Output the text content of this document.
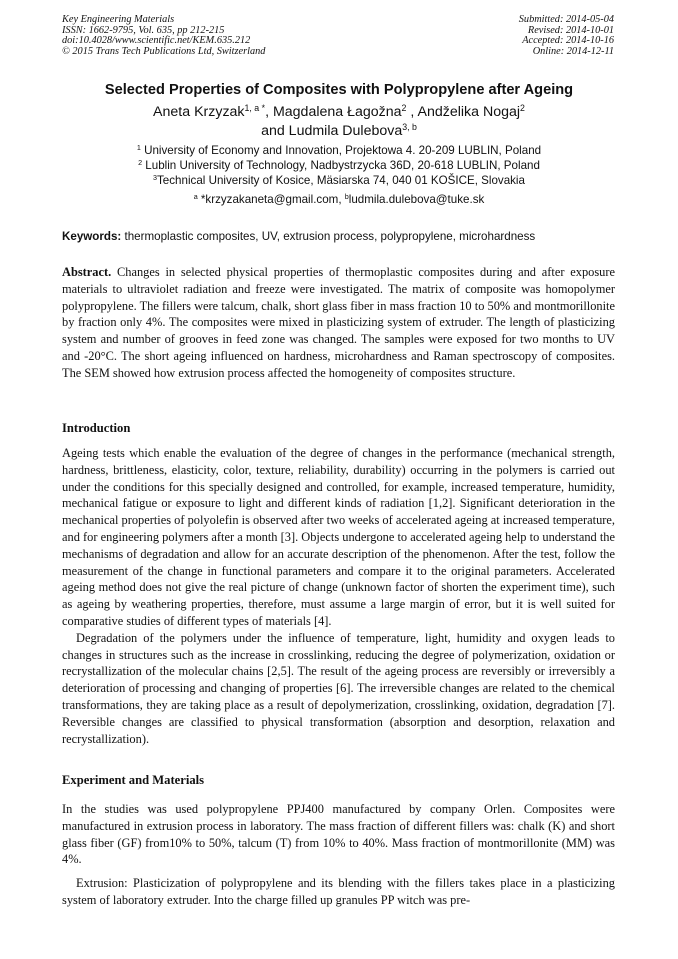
Key Engineering Materials
ISSN: 1662-9795, Vol. 635, pp 212-215
doi:10.4028/www.scientific.net/KEM.635.212
© 2015 Trans Tech Publications Ltd, Switzerland
Submitted: 2014-05-04
Revised: 2014-10-01
Accepted: 2014-10-16
Online: 2014-12-11
Selected Properties of Composites with Polypropylene after Ageing
Aneta Krzyzak$^{1, a *}$, Magdalena Łagožna$^2$ , Andželika Nogaj$^2$
and Ludmila Dulebova$^{3, b}$
$^1$ University of Economy and Innovation, Projektowa 4. 20-209 LUBLIN, Poland
$^2$ Lublin University of Technology, Nadbystrzycka 36D, 20-618 LUBLIN, Poland
$^3$Technical University of Kosice, Mäsiarska 74, 040 01 KOŠICE, Slovakia
$^a$ *krzyzakaneta@gmail.com, $^b$ludmila.dulebova@tuke.sk
Keywords: thermoplastic composites, UV, extrusion process, polypropylene, microhardness

Abstract. Changes in selected physical properties of thermoplastic composites during and after exposure materials to ultraviolet radiation and freeze were investigated. The matrix of composite was homopolymer polypropylene. The fillers were talcum, chalk, short glass fiber in mass fraction 10 to 50% and montmorillonite by fraction only 4%. The composites were mixed in plasticizing system of extruder. The length of plasticizing system and number of grooves in feed zone was changed. The samples were exposed for two months to UV and -20°C. The short ageing influenced on hardness, microhardness and Raman spectroscopy of composites. The SEM showed how extrusion process affected the homogeneity of composites structure.

Introduction

Ageing tests which enable the evaluation of the degree of changes in the performance (mechanical strength, hardness, brittleness, elasticity, color, texture, reliability, durability) occurring in the polymers is carried out under the conditions for this specially designed and controlled, for example, increased temperature, humidity, mechanical fatigue or exposure to light and different kinds of radiation [1,2]. Significant deterioration in the mechanical properties of polyolefin is observed after two weeks of accelerated ageing at increased temperature, and for engineering polymers after a month [3]. Objects undergone to accelerated ageing help to understand the mechanisms of degradation and allow for an accurate description of the phenomenon. After the test, follow the measurement of the change in functional parameters and compare it to the original parameters. Accelerated ageing method does not give the real picture of change (unknown factor of shorten the experiment time), such as ageing by weathering properties, therefore, must assume a large margin of error, but it is well suited for comparative studies of different types of materials [4].

Degradation of the polymers under the influence of temperature, light, humidity and oxygen leads to changes in structures such as the increase in crosslinking, reducing the degree of polymerization, oxidation or recrystallization of the molecular chains [2,5]. The result of the ageing process are reversibly or irreversibly a deterioration of processing and changing of properties [6]. The irreversible changes are related to the chemical transformations, they are taking place as a result of depolymerization, crosslinking, oxidation, degradation [7]. Reversible changes are classified to physical transformation (absorption and desorption, relaxation and recrystallization).

Experiment and Materials

In the studies was used polypropylene PPJ400 manufactured by company Orlen. Composites were manufactured in extrusion process in laboratory. The mass fraction of different fillers was: chalk (K) and short glass fiber (GF) from10% to 50%, talcum (T) from 10% to 40%. Mass fraction of montmorillonite (MM) was 4%.

Extrusion: Plasticization of polypropylene and its blending with the fillers takes place in a plasticizing system of laboratory extruder. Into the charge filled up granules PP witch was pre-
